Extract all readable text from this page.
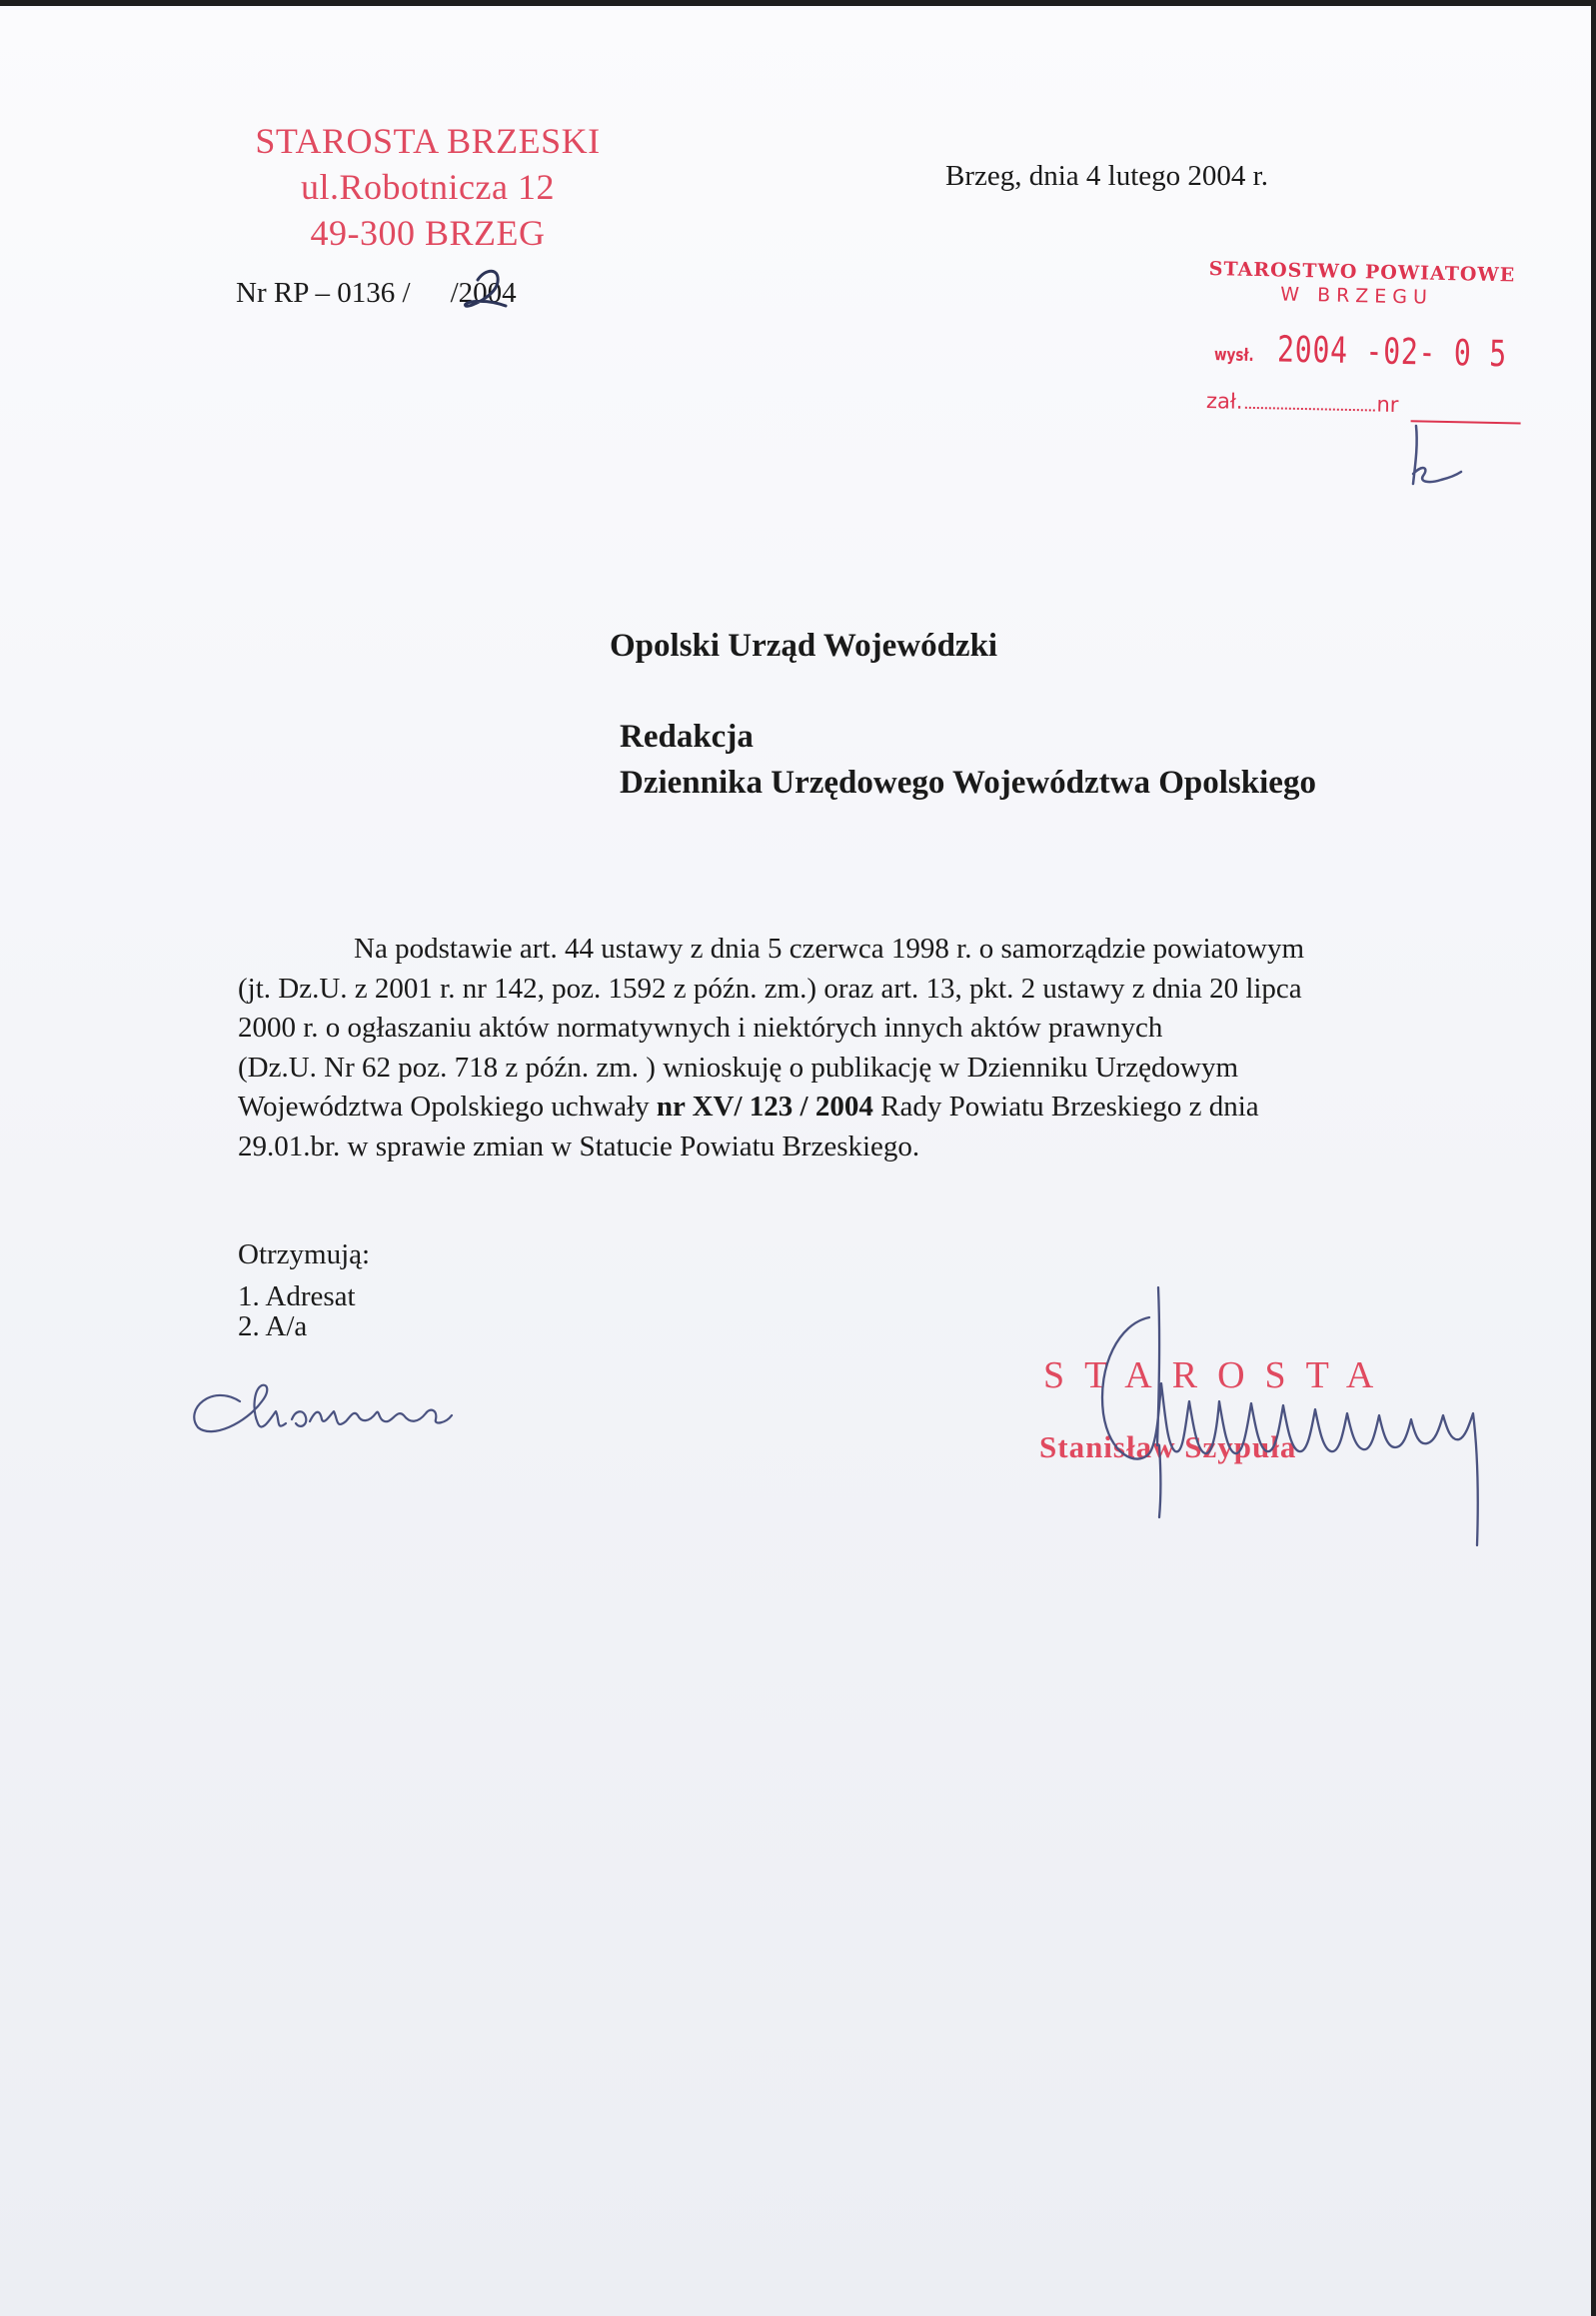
STAROSTA BRZESKI
ul.Robotnicza 12
49-300 BRZEG
Nr RP – 0136 / /2004
Brzeg, dnia 4 lutego 2004 r.
STAROSTWO POWIATOWE
W BRZEGU
wysł. 2004 -02- 0 5
zał.	nr
Opolski Urząd Wojewódzki
Redakcja
Dziennika Urzędowego Województwa Opolskiego

Na podstawie art. 44 ustawy z dnia 5 czerwca 1998 r. o samorządzie powiatowym

(jt. Dz.U. z 2001 r. nr 142, poz. 1592 z późn. zm.) oraz art. 13, pkt. 2 ustawy z dnia 20 lipca

2000 r. o ogłaszaniu aktów normatywnych i niektórych innych aktów prawnych

(Dz.U. Nr 62 poz. 718 z późn. zm. ) wnioskuję o publikację w Dzienniku Urzędowym

Województwa Opolskiego uchwały nr XV/ 123 / 2004 Rady Powiatu Brzeskiego z dnia

29.01.br. w sprawie zmian w Statucie Powiatu Brzeskiego.

Otrzymują:
1. Adresat
2. A/a
STAROSTA
Stanisław Szypuła
